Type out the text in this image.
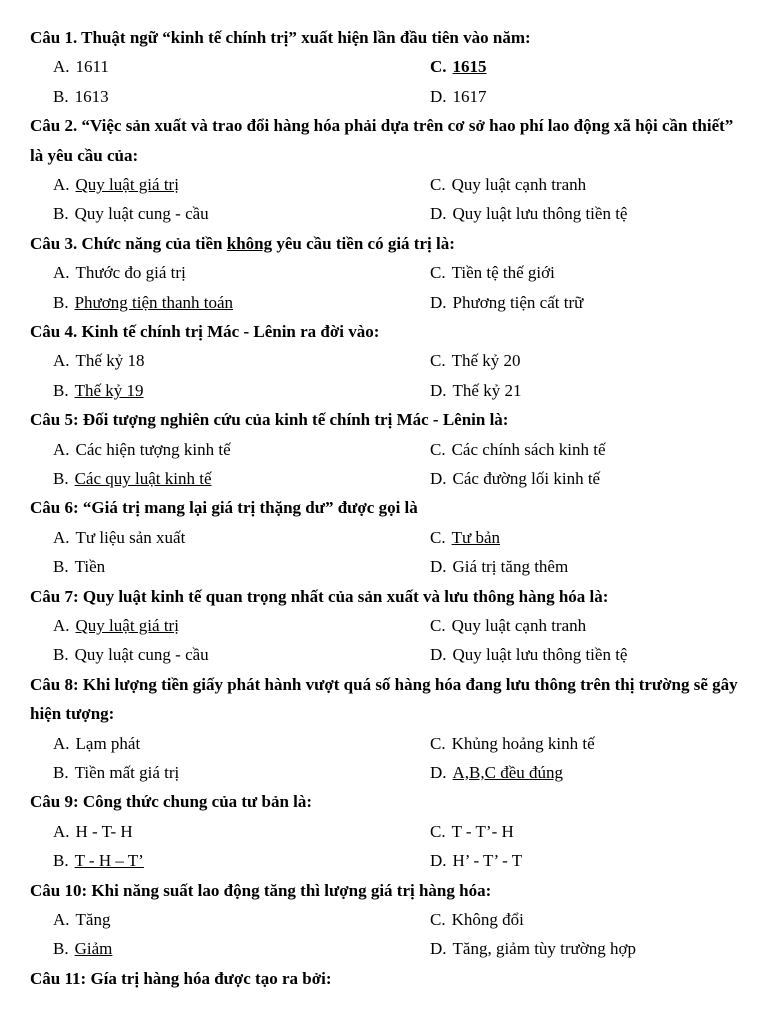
Câu 1. Thuật ngữ “kinh tế chính trị” xuất hiện lần đầu tiên vào năm:
A. 1611	C. 1615
B. 1613	D. 1617
Câu 2. “Việc sản xuất và trao đổi hàng hóa phải dựa trên cơ sở hao phí lao động xã hội cần thiết” là yêu cầu của:
A. Quy luật giá trị	C. Quy luật cạnh tranh
B. Quy luật cung - cầu	D. Quy luật lưu thông tiền tệ
Câu 3. Chức năng của tiền không yêu cầu tiền có giá trị là:
A. Thước đo giá trị	C. Tiền tệ thế giới
B. Phương tiện thanh toán	D. Phương tiện cất trữ
Câu 4. Kinh tế chính trị Mác - Lênin ra đời vào:
A. Thế kỷ 18	C. Thế kỷ 20
B. Thế kỷ 19	D. Thế kỷ 21
Câu 5: Đối tượng nghiên cứu của kinh tế chính trị Mác - Lênin là:
A. Các hiện tượng kinh tế	C. Các chính sách kinh tế
B. Các quy luật kinh tế	D. Các đường lối kinh tế
Câu 6: “Giá trị mang lại giá trị thặng dư” được gọi là
A. Tư liệu sản xuất	C. Tư bản
B. Tiền	D. Giá trị tăng thêm
Câu 7: Quy luật kinh tế quan trọng nhất của sản xuất và lưu thông hàng hóa là:
A. Quy luật giá trị	C. Quy luật cạnh tranh
B. Quy luật cung - cầu	D. Quy luật lưu thông tiền tệ
Câu 8: Khi lượng tiền giấy phát hành vượt quá số hàng hóa đang lưu thông trên thị trường sẽ gây hiện tượng:
A. Lạm phát	C. Khủng hoảng kinh tế
B. Tiền mất giá trị	D. A,B,C đều đúng
Câu 9: Công thức chung của tư bản là:
A. H - T- H	C. T - T’- H
B. T - H – T’	D. H’ - T’ - T
Câu 10: Khi năng suất lao động tăng thì lượng giá trị hàng hóa:
A. Tăng	C. Không đổi
B. Giảm	D. Tăng, giảm tùy trường hợp
Câu 11: Gía trị hàng hóa được tạo ra bởi:
